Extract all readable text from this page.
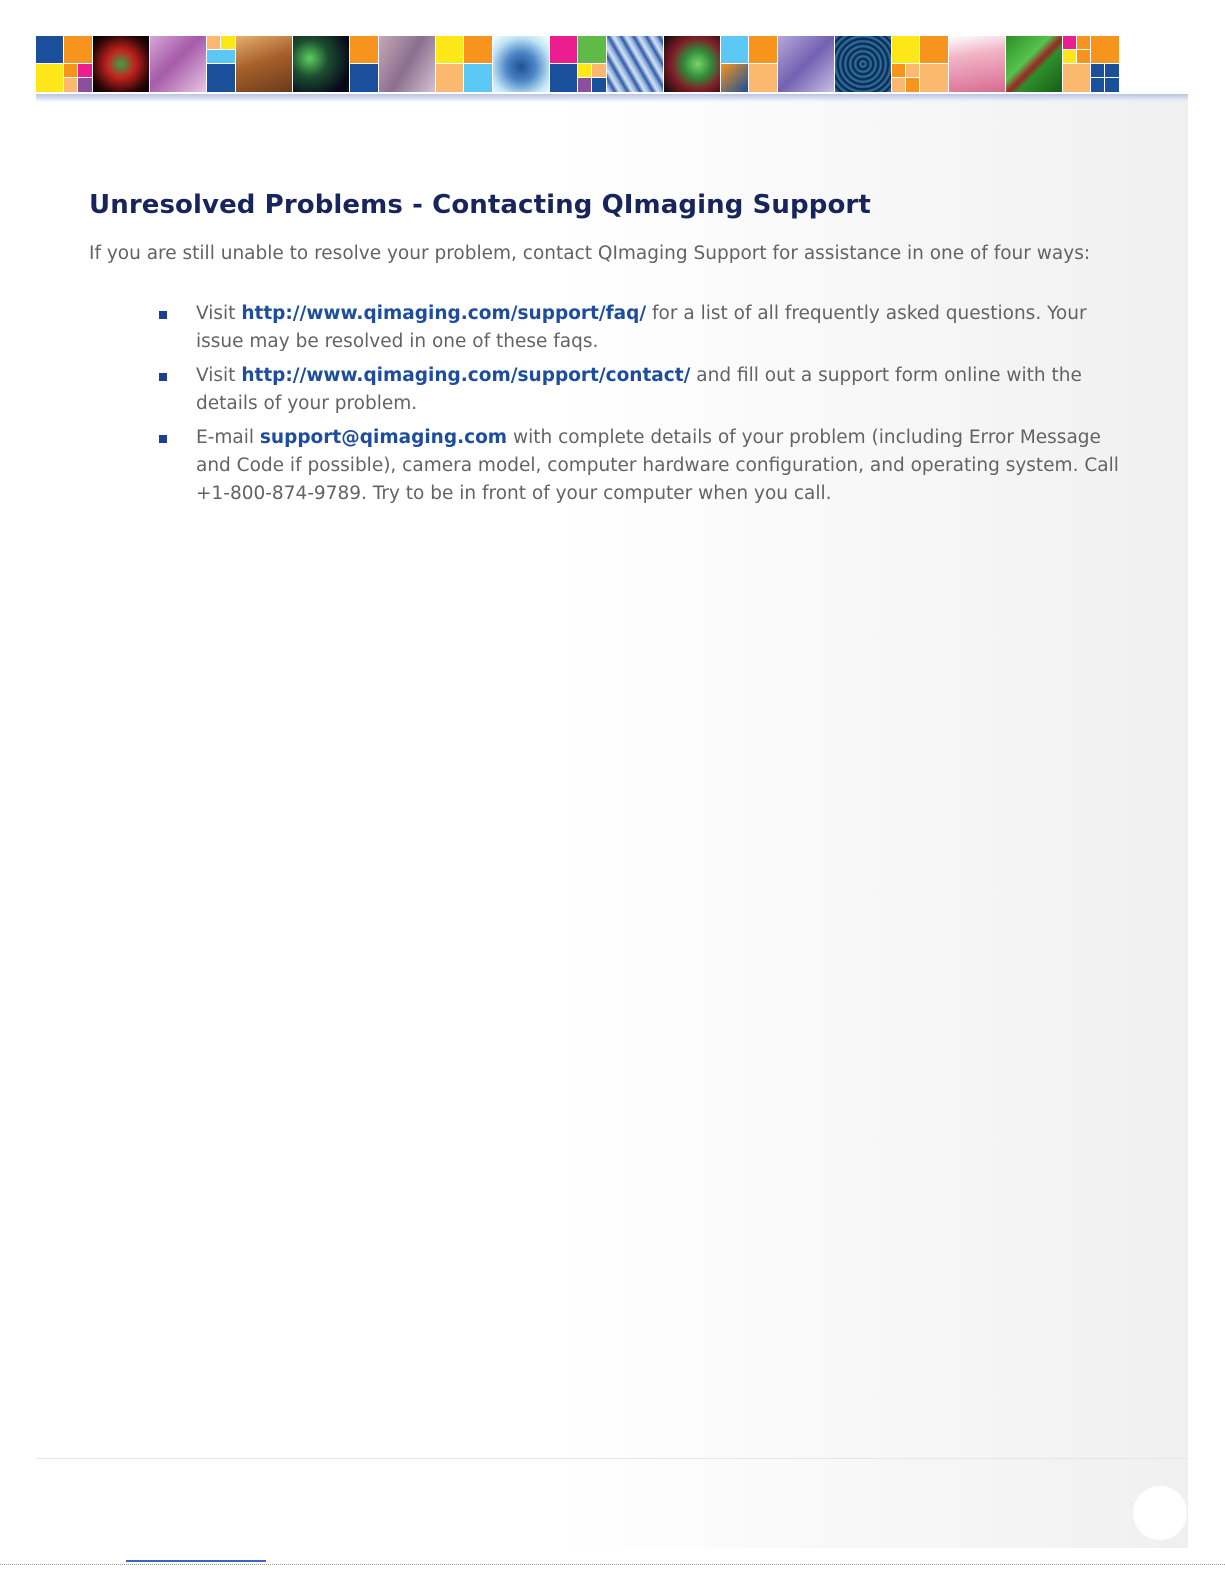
Unresolved Problems - Contacting QImaging Support

If you are still unable to resolve your problem, contact QImaging Support for assistance in one of four ways:

Visit http://www.qimaging.com/support/faq/ for a list of all frequently asked questions. Your issue may be resolved in one of these faqs.
Visit http://www.qimaging.com/support/contact/ and fill out a support form online with the details of your problem.
E-mail support@qimaging.com with complete details of your problem (including Error Message and Code if possible), camera model, computer hardware configuration, and operating system. Call +1-800-874-9789. Try to be in front of your computer when you call.
